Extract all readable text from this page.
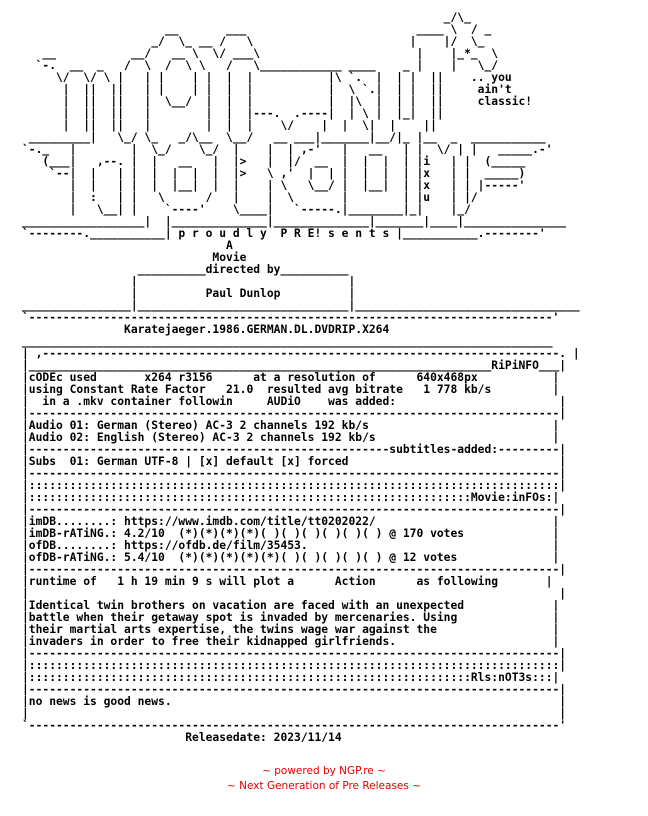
_/\_
__       ___                         ____ \  / _
_/  \_ __ /   \                       |    |/  \_
__           __/   __ \  \/ ___\                       |    |_*_  \
`-.  __  _   /  \  /  \ \   /   \____________ ____    _ |    |   \_/
\/  \/ \ |   | |    | |  |  |           |\ `.  |  | |  ||    .. you
|  ||  ||   | |    | |  |  |           |  \ `.|  | |  ||     ain't
|  ||  ||   |  \__/  |  |  |           |  |\  |  | |  ||     classic!
|  ||  ||   |        |  |  |---.  .----|  | \ |  |_|  ||
|  ||  ||   |        |  |  |    \/    |  |  \|  |    ||
_________|   \_/ \_   _/\__  \__/   __ ___|_______|__/|_ |__  _  ___________
`-._   |        |  \_/    \_/  |    |  | ,-'   |   __   | |  \/ | |   _____.-'
(___|   ,--. |  |   __   |  |>   |  |/  __  |  |  |  | |i   | |  (_____
`--|  |   | |  |  |  |  |  |>   \ ,'  |  | |  |  |  | |x   | |  _____)
|  |   | |  |  |__|  |  |    | \   \__/ |  |__|  | |x   | | |-----'
|  :   | |   \      /   |    |  \       |        | |u   | |/
|   \__| |    `----'    \____|   `-----.|________|_|    |_/
__________________|  |______________|______________|_______|____|_______________
`--------.___________| p r o u d l y  P R E! s e n t s |___________.--------'
A
Movie
__________directed by__________
|                               |
|          Paul Dunlop          |
________________|_______________________________|_________________________________
`-----------------------------------------------------------------------------'
Karatejaeger.1986.GERMAN.DL.DVDRIP.X264
______________________________________________________________________________
| ,----------------------------------------------------------------------------. |
|____________________________________________________________________RiPiNFO___|
|cODEc used       x264 r3156      at a resolution of      640x468px           |
|using Constant Rate Factor   21.0  resulted avg bitrate   1 778 kb/s         |
|  in a .mkv container followin     AUDiO    was added:                        |
|------------------------------------------------------------------------------|
|Audio 01: German (Stereo) AC-3 2 channels 192 kb/s                           |
|Audio 02: English (Stereo) AC-3 2 channels 192 kb/s                          |
|-----------------------------------------------------subtitles-added:---------|
|Subs  01: German UTF-8 | [x] default [x] forced                               |
|------------------------------------------------------------------------------|
|::::::::::::::::::::::::::::::::::::::::::::::::::::::::::::::::::::::::::::::|
|:::::::::::::::::::::::::::::::::::::::::::::::::::::::::::::::::Movie:inFOs:|
|------------------------------------------------------------------------------|
|imDB........: https://www.imdb.com/title/tt0202022/                          |
|imDB-rATiNG.: 4.2/10  (*)(*)(*)(*)( )( )( )( )( )( ) @ 170 votes             |
|ofDB........: https://ofdb.de/film/35453.                                    |
|ofDB-rATiNG.: 5.4/10  (*)(*)(*)(*)(*)( )( )( )( )( ) @ 12 votes              |
|------------------------------------------------------------------------------|
|runtime of   1 h 19 min 9 s will plot a      Action      as following       |
|                                                                              |
|Identical twin brothers on vacation are faced with an unexpected             |
|battle when their getaway spot is invaded by mercenaries. Using              |
|their martial arts expertise, the twins wage war against the                 |
|invaders in order to free their kidnapped girlfriends.                       |
|------------------------------------------------------------------------------|
|::::::::::::::::::::::::::::::::::::::::::::::::::::::::::::::::::::::::::::::|
|:::::::::::::::::::::::::::::::::::::::::::::::::::::::::::::::::Rls:nOT3s:::|
|------------------------------------------------------------------------------|
|no news is good news.                                                         |
|                                                                              |
`------------------------------------------------------------------------------'
Releasedate: 2023/11/14
~ powered by NGP.re ~
~ Next Generation of Pre Releases ~
